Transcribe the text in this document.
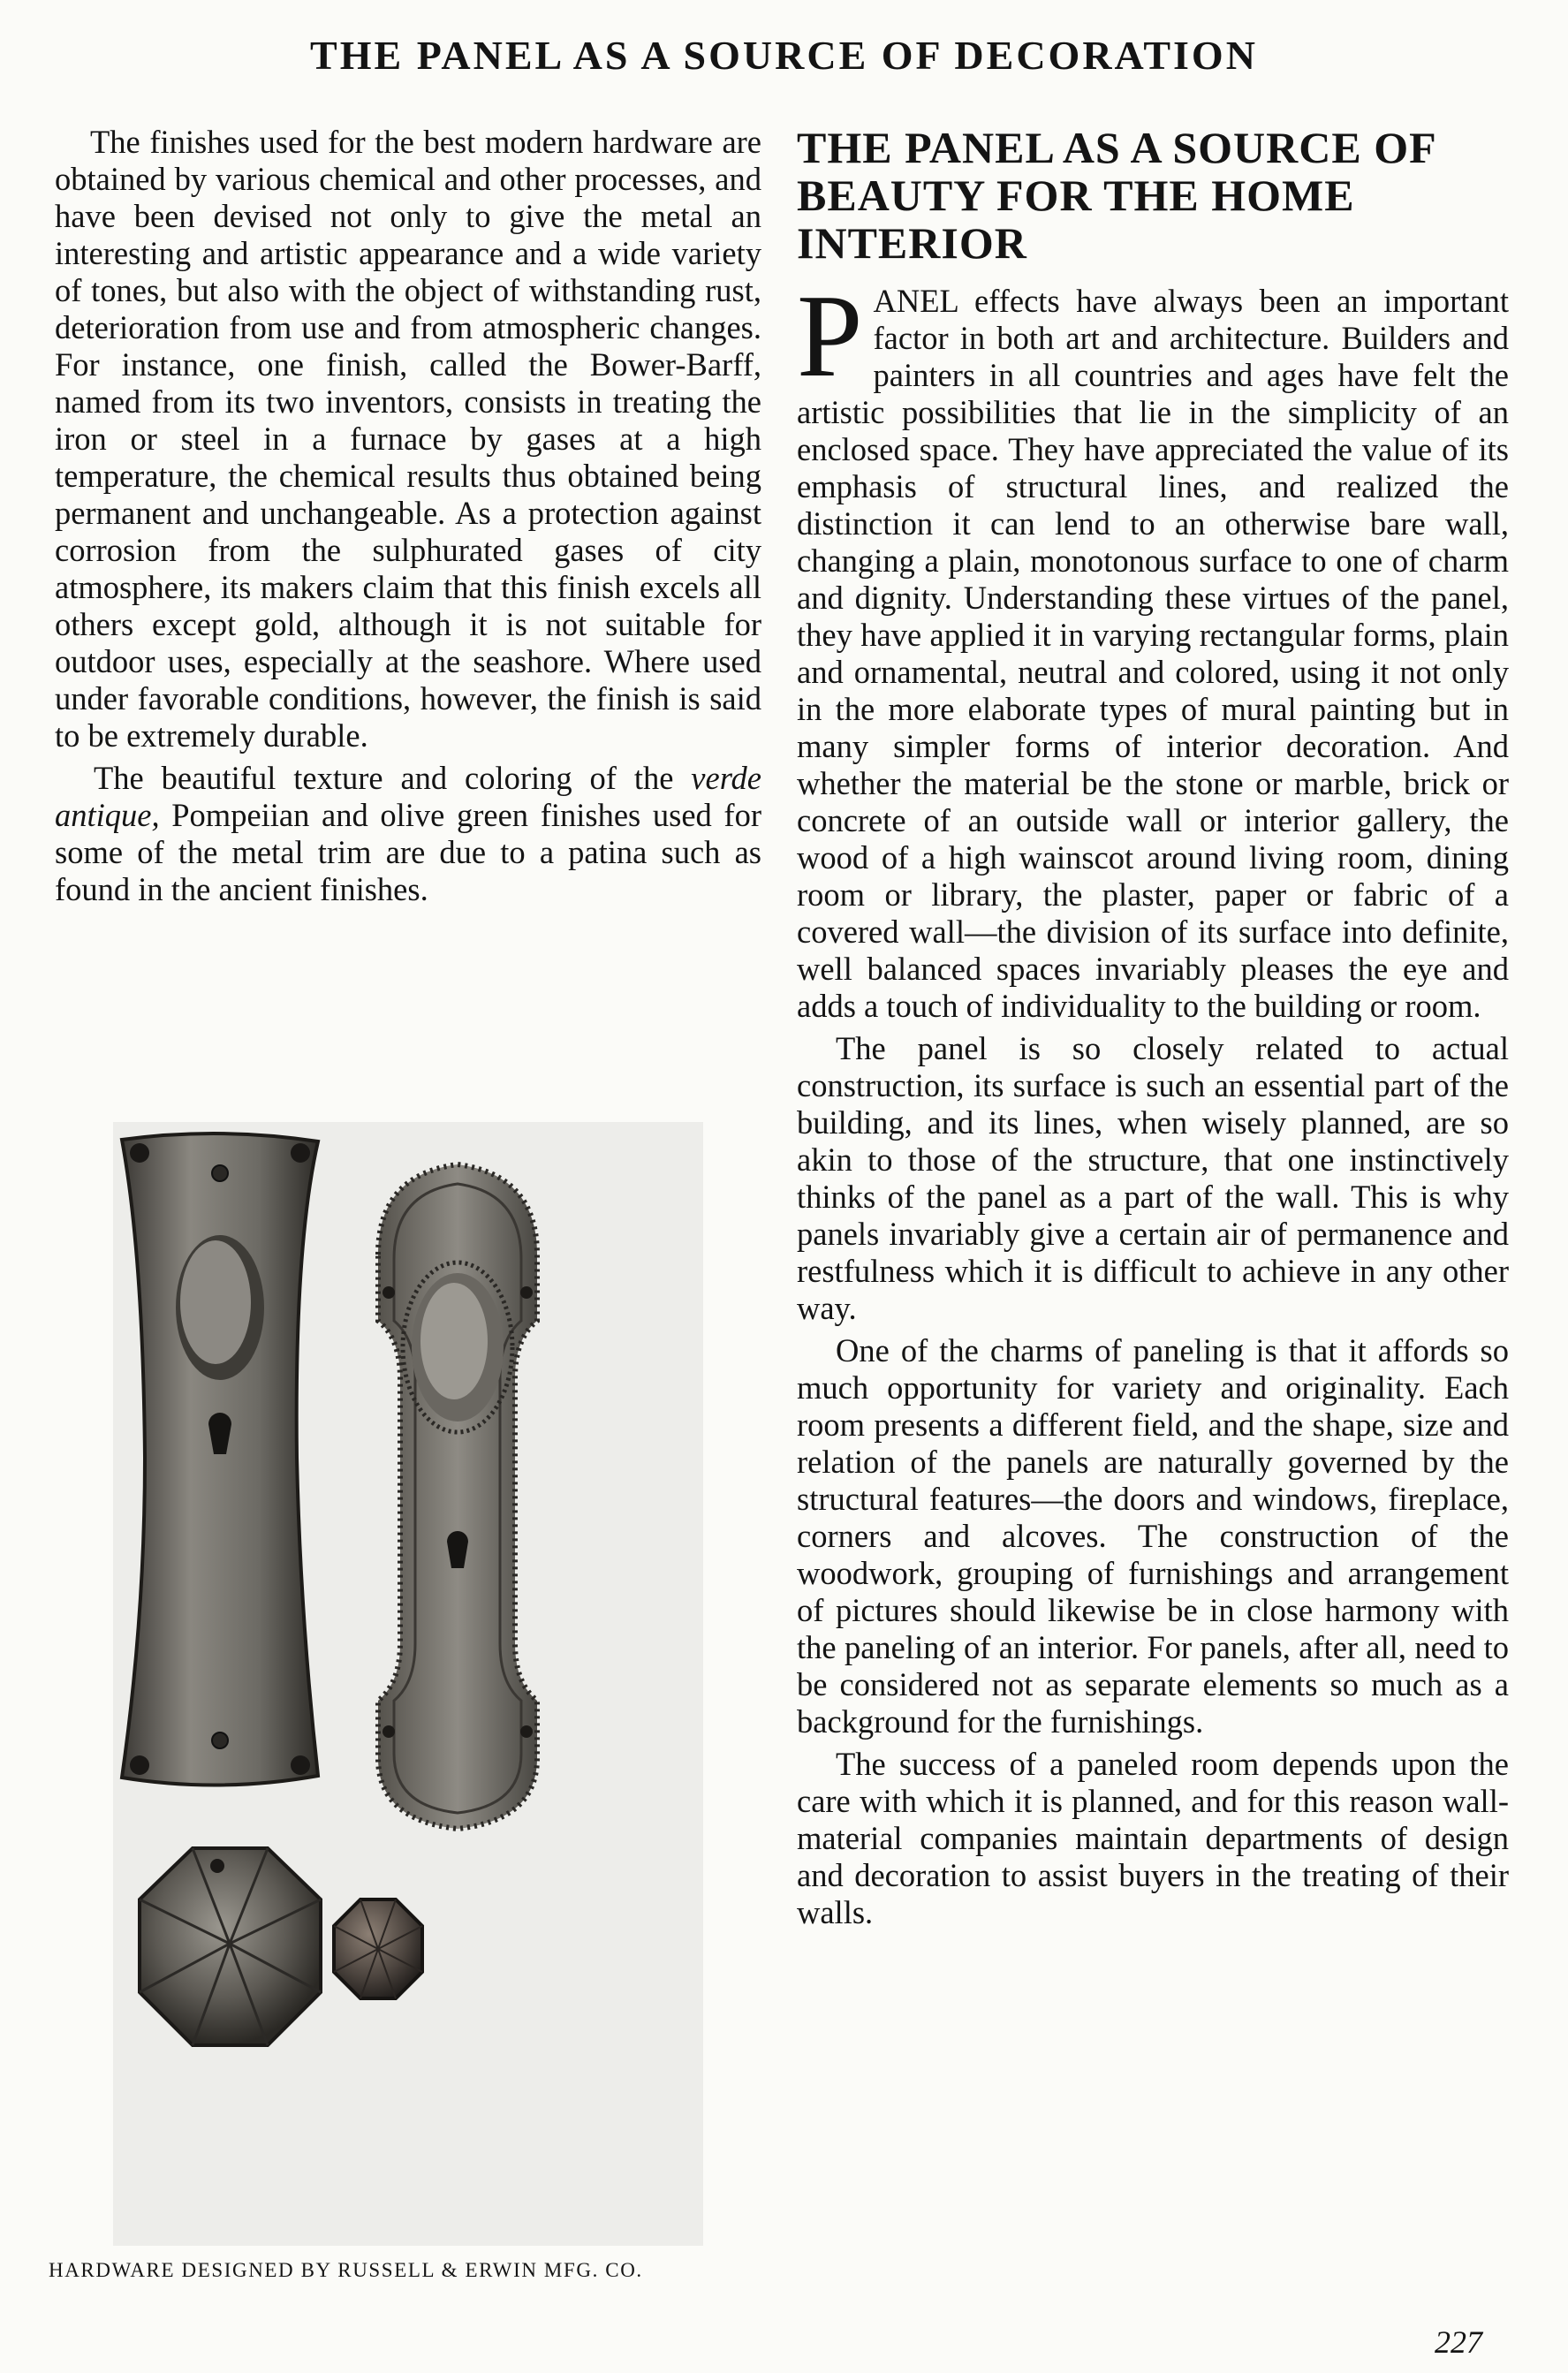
THE PANEL AS A SOURCE OF DECORATION

The finishes used for the best modern hardware are obtained by various chemical and other processes, and have been devised not only to give the metal an interesting and artistic appearance and a wide variety of tones, but also with the object of withstanding rust, deterioration from use and from atmospheric changes. For instance, one finish, called the Bower-Barff, named from its two inventors, consists in treating the iron or steel in a furnace by gases at a high temperature, the chemical results thus obtained being permanent and unchangeable. As a protection against corrosion from the sulphurated gases of city atmosphere, its makers claim that this finish excels all others except gold, although it is not suitable for outdoor uses, especially at the seashore. Where used under favorable conditions, however, the finish is said to be extremely durable.

The beautiful texture and coloring of the verde antique, Pompeiian and olive green finishes used for some of the metal trim are due to a patina such as found in the ancient finishes.

HARDWARE DESIGNED BY RUSSELL & ERWIN MFG. CO.
THE PANEL AS A SOURCE OF BEAUTY FOR THE HOME INTERIOR

PANEL effects have always been an important factor in both art and architecture. Builders and painters in all countries and ages have felt the artistic possibilities that lie in the simplicity of an enclosed space. They have appreciated the value of its emphasis of structural lines, and realized the distinction it can lend to an otherwise bare wall, changing a plain, monotonous surface to one of charm and dignity. Understanding these virtues of the panel, they have applied it in varying rectangular forms, plain and ornamental, neutral and colored, using it not only in the more elaborate types of mural painting but in many simpler forms of interior decoration. And whether the material be the stone or marble, brick or concrete of an outside wall or interior gallery, the wood of a high wainscot around living room, dining room or library, the plaster, paper or fabric of a covered wall—the division of its surface into definite, well balanced spaces invariably pleases the eye and adds a touch of individuality to the building or room.

The panel is so closely related to actual construction, its surface is such an essential part of the building, and its lines, when wisely planned, are so akin to those of the structure, that one instinctively thinks of the panel as a part of the wall. This is why panels invariably give a certain air of permanence and restfulness which it is difficult to achieve in any other way.

One of the charms of paneling is that it affords so much opportunity for variety and originality. Each room presents a different field, and the shape, size and relation of the panels are naturally governed by the structural features—the doors and windows, fireplace, corners and alcoves. The construction of the woodwork, grouping of furnishings and arrangement of pictures should likewise be in close harmony with the paneling of an interior. For panels, after all, need to be considered not as separate elements so much as a background for the furnishings.

The success of a paneled room depends upon the care with which it is planned, and for this reason wall-material companies maintain departments of design and decoration to assist buyers in the treating of their walls.

227
